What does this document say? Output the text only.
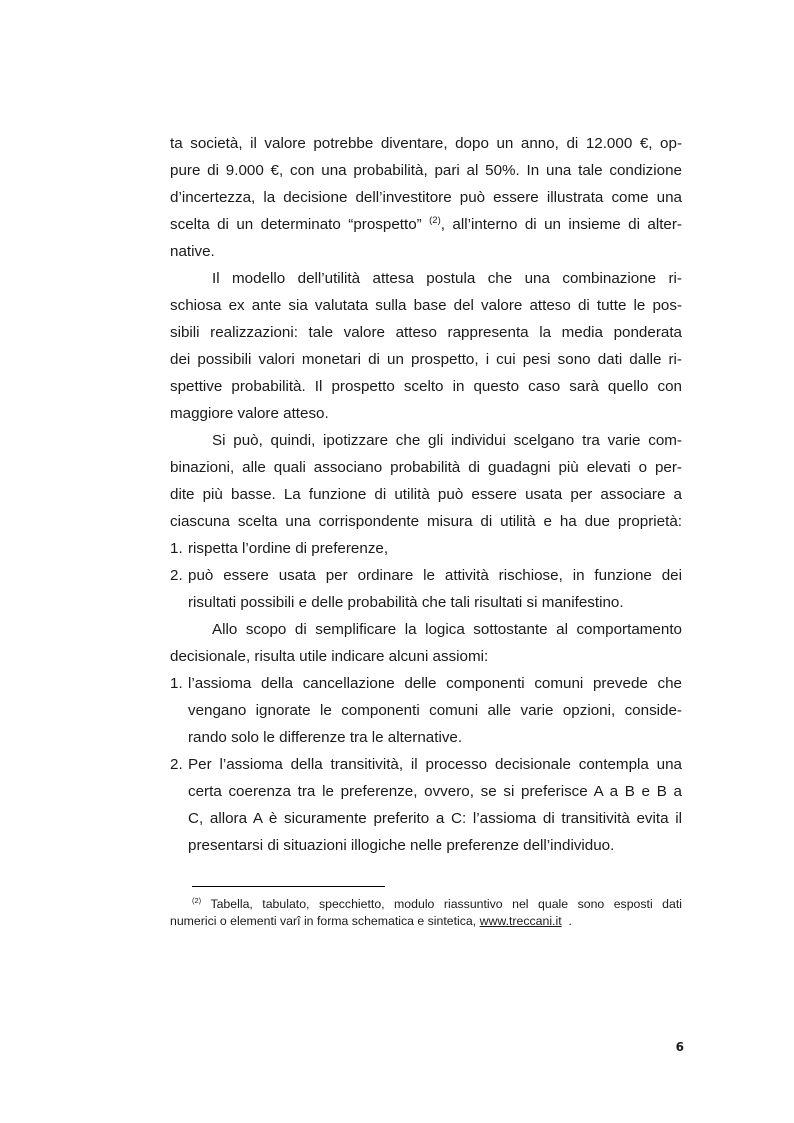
ta società, il valore potrebbe diventare, dopo un anno, di 12.000 €, op-
pure di 9.000 €, con una probabilità, pari al 50%. In una tale condizione
d’incertezza, la decisione dell’investitore può essere illustrata come una
scelta di un determinato “prospetto” $^{(2)}$, all’interno di un insieme di alter-
native.
Il modello dell’utilità attesa postula che una combinazione ri-
schiosa ex ante sia valutata sulla base del valore atteso di tutte le pos-
sibili realizzazioni: tale valore atteso rappresenta la media ponderata
dei possibili valori monetari di un prospetto, i cui pesi sono dati dalle ri-
spettive probabilità. Il prospetto scelto in questo caso sarà quello con
maggiore valore atteso.
Si può, quindi, ipotizzare che gli individui scelgano tra varie com-
binazioni, alle quali associano probabilità di guadagni più elevati o per-
dite più basse. La funzione di utilità può essere usata per associare a
ciascuna scelta una corrispondente misura di utilità e ha due proprietà:
1. rispetta l’ordine di preferenze,
2. può essere usata per ordinare le attività rischiose, in funzione dei
risultati possibili e delle probabilità che tali risultati si manifestino.
Allo scopo di semplificare la logica sottostante al comportamento
decisionale, risulta utile indicare alcuni assiomi:
1. l’assioma della cancellazione delle componenti comuni prevede che
vengano ignorate le componenti comuni alle varie opzioni, conside-
rando solo le differenze tra le alternative.
2. Per l’assioma della transitività, il processo decisionale contempla una
certa coerenza tra le preferenze, ovvero, se si preferisce A a B e B a
C, allora A è sicuramente preferito a C: l’assioma di transitività evita il
presentarsi di situazioni illogiche nelle preferenze dell’individuo.
$^{(2)}$ Tabella, tabulato, specchietto, modulo riassuntivo nel quale sono esposti dati
numerici o elementi varî in forma schematica e sintetica, www.treccani.it .
6
